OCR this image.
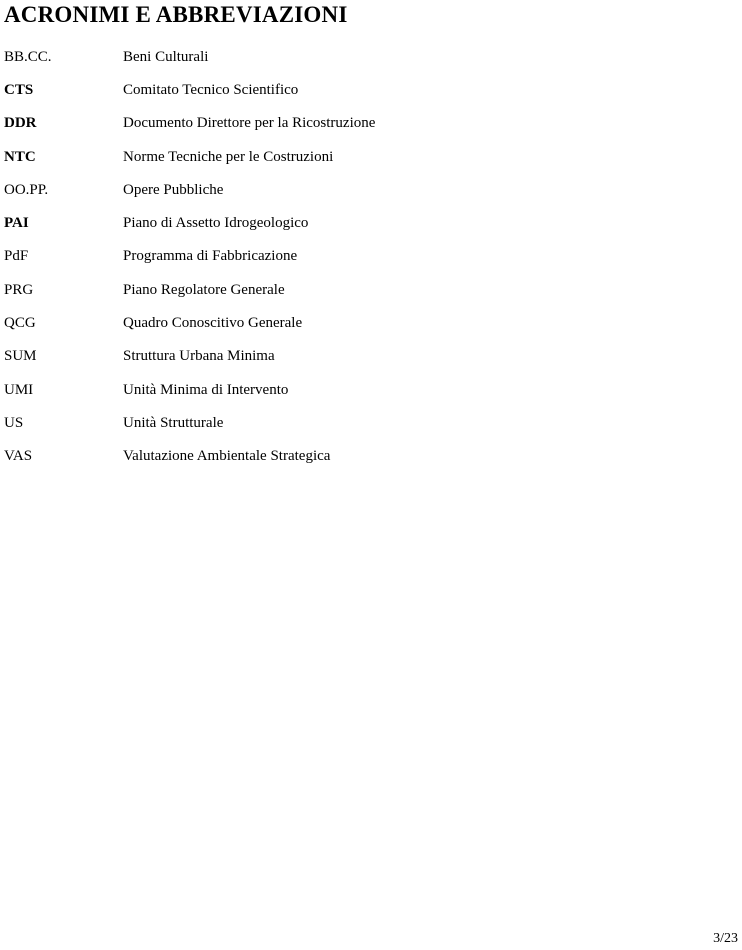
ACRONIMI E ABBREVIAZIONI
BB.CC.	Beni Culturali
CTS	Comitato Tecnico Scientifico
DDR	Documento Direttore per la Ricostruzione
NTC	Norme Tecniche per le Costruzioni
OO.PP.	Opere Pubbliche
PAI	Piano di Assetto Idrogeologico
PdF	Programma di Fabbricazione
PRG	Piano Regolatore Generale
QCG	Quadro Conoscitivo Generale
SUM	Struttura Urbana Minima
UMI	Unità Minima di Intervento
US	Unità Strutturale
VAS	Valutazione Ambientale Strategica
3/23
